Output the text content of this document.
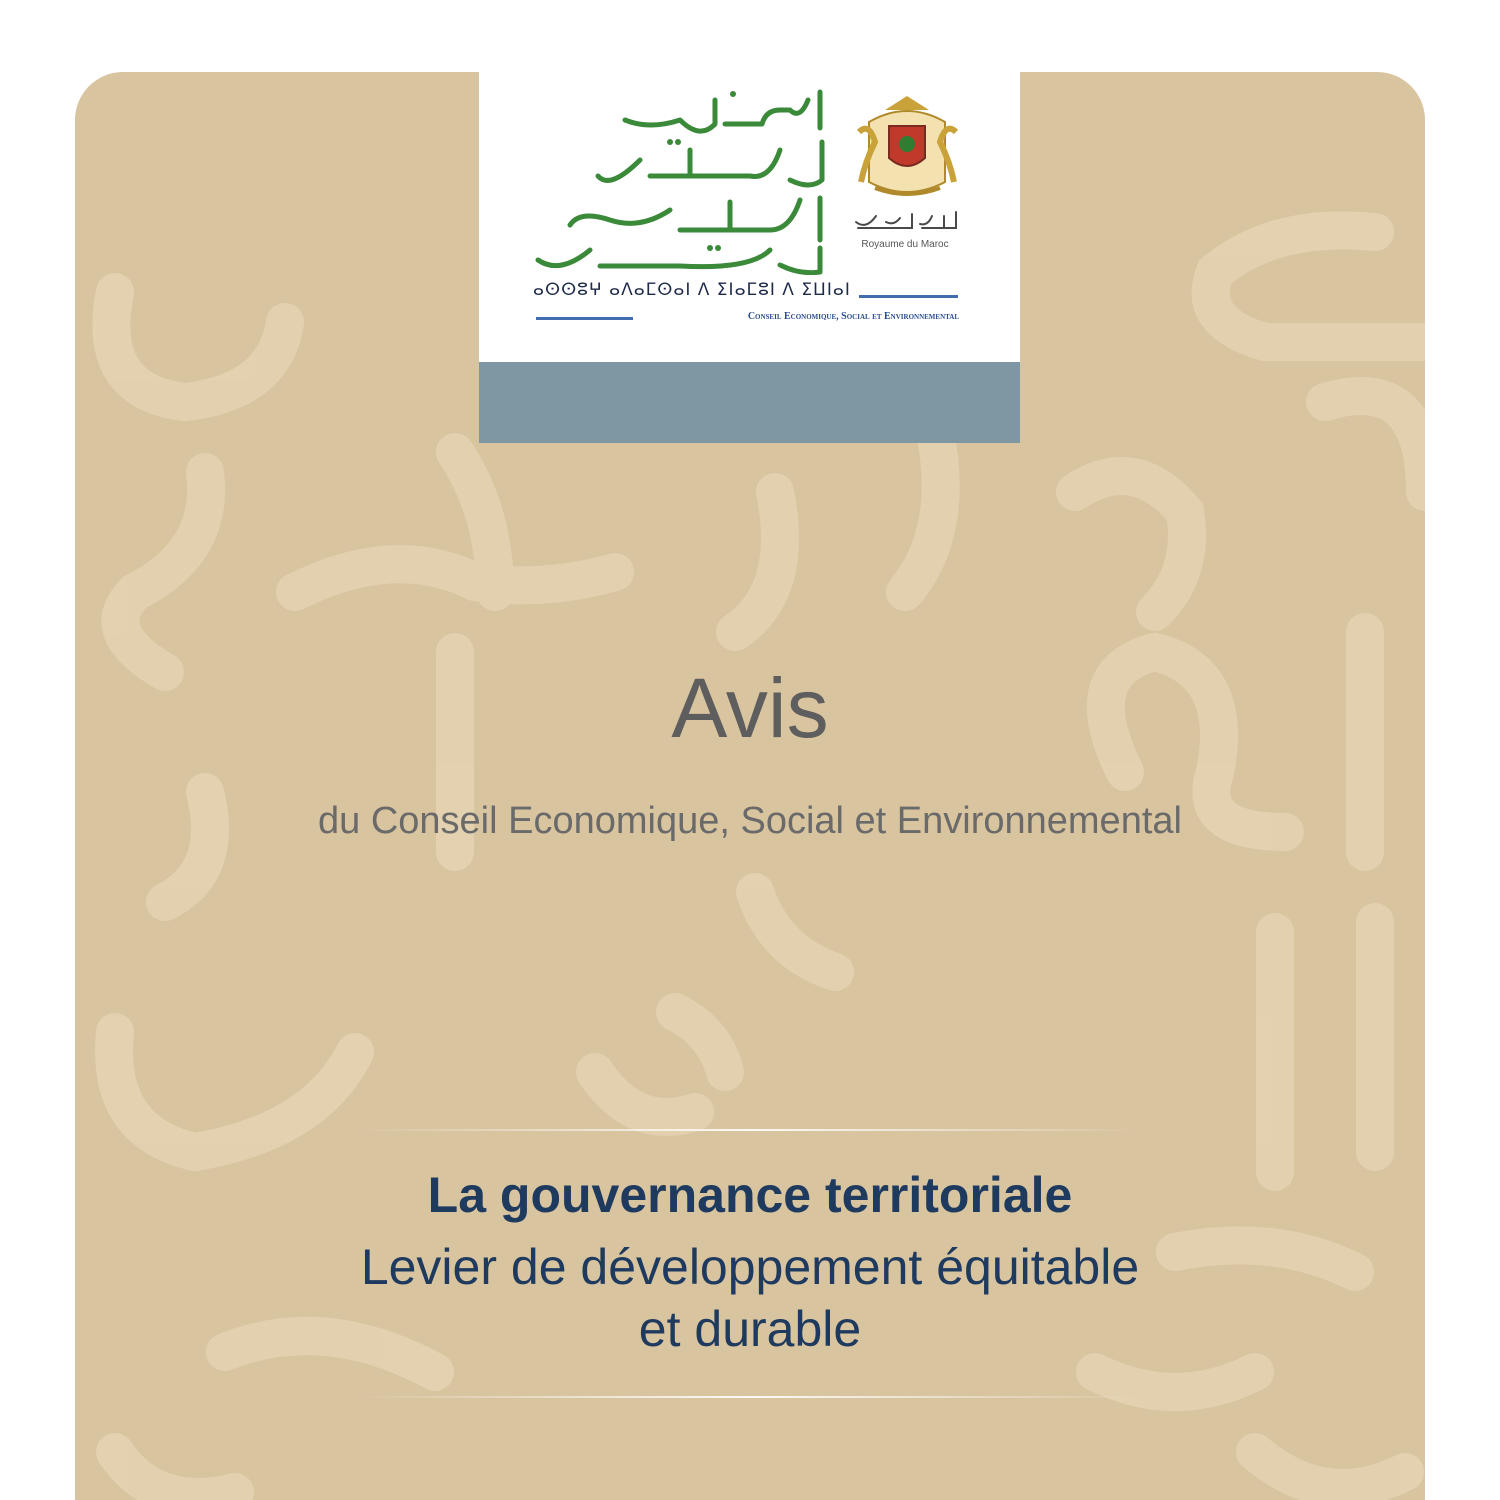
Royaume du Maroc
ⴰⵙⵙⵓⵖ ⴰⴷⴰⵎⵙⴰⵏ ⴷ ⵉⵏⴰⵎⵓⵏ ⴷ ⵉⵡⵏⴰⵏ
Conseil Economique, Social et Environnemental
Avis
du Conseil Economique, Social et Environnemental
La gouvernance territoriale
Levier de développement équitable
et durable
